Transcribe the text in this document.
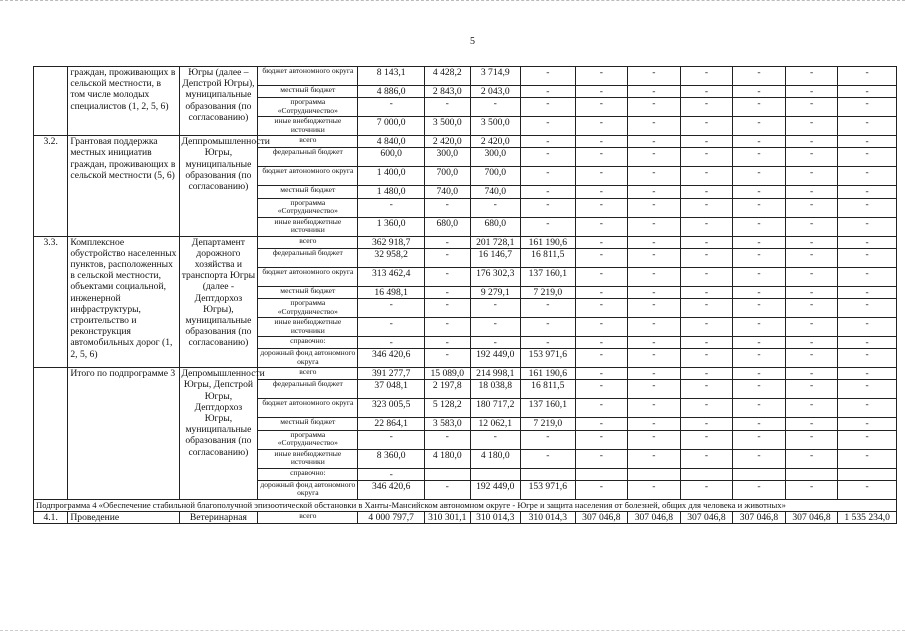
5
	граждан, проживающих в сельской местности, в том числе молодых специалистов (1, 2, 5, 6)	Югры (далее – Депстрой Югры), муниципальные образования (по согласованию)	бюджет автономного округа	8 143,1	4 428,2	3 714,9	-	-	-	-	-	-	-
			местный бюджет	4 886,0	2 843,0	2 043,0	-	-	-	-	-	-	-
			программа «Сотрудничество»	-	-	-	-	-	-	-	-	-	-
			иные внебюджетные источники	7 000,0	3 500,0	3 500,0	-	-	-	-	-	-	-
3.2.	Грантовая поддержка местных инициатив граждан, проживающих в сельской местности (5, 6)	Деппромышленности Югры, муниципальные образования (по согласованию)	всего	4 840,0	2 420,0	2 420,0	-	-	-	-	-	-	-
			федеральный бюджет	600,0	300,0	300,0	-	-	-	-	-	-	-
			бюджет автономного округа	1 400,0	700,0	700,0	-	-	-	-	-	-	-
			местный бюджет	1 480,0	740,0	740,0	-	-	-	-	-	-	-
			программа «Сотрудничество»	-	-	-	-	-	-	-	-	-	-
			иные внебюджетные источники	1 360,0	680,0	680,0	-	-	-	-	-	-	-
3.3.	Комплексное обустройство населенных пунктов, расположенных в сельской местности, объектами социальной, инженерной инфраструктуры, строительство и реконструкция автомобильных дорог (1, 2, 5, 6)	Департамент дорожного хозяйства и транспорта Югры (далее - Дептдорхоз Югры), муниципальные образования (по согласованию)	всего	362 918,7	-	201 728,1	161 190,6	-	-	-	-	-	-
			федеральный бюджет	32 958,2	-	16 146,7	16 811,5	-	-	-	-	-	-
			бюджет автономного округа	313 462,4	-	176 302,3	137 160,1	-	-	-	-	-	-
			местный бюджет	16 498,1	-	9 279,1	7 219,0	-	-	-	-	-	-
			программа «Сотрудничество»	-	-	-	-	-	-	-	-	-	-
			иные внебюджетные источники	-	-	-	-	-	-	-	-	-	-
			справочно:	-	-	-	-	-	-	-	-	-	-
			дорожный фонд автономного округа	346 420,6	-	192 449,0	153 971,6	-	-	-	-	-	-
	Итого по подпрограмме 3	Депромышленности Югры, Депстрой Югры, Дептдорхоз Югры, муниципальные образования (по согласованию)	всего	391 277,7	15 089,0	214 998,1	161 190,6	-	-	-	-	-	-
			федеральный бюджет	37 048,1	2 197,8	18 038,8	16 811,5	-	-	-	-	-	-
			бюджет автономного округа	323 005,5	5 128,2	180 717,2	137 160,1	-	-	-	-	-	-
			местный бюджет	22 864,1	3 583,0	12 062,1	7 219,0	-	-	-	-	-	-
			программа «Сотрудничество»	-	-	-	-	-	-	-	-	-	-
			иные внебюджетные источники	8 360,0	4 180,0	4 180,0	-	-	-	-	-	-	-
			справочно:	-									
			дорожный фонд автономного округа	346 420,6	-	192 449,0	153 971,6	-	-	-	-	-	-
Подпрограмма 4 «Обеспечение стабильной благополучной эпизоотической обстановки в Ханты-Мансийском автономном округе - Югре и защита населения от болезней, общих для человека и животных»													
4.1.	Проведение	Ветеринарная	всего	4 000 797,7	310 301,1	310 014,3	310 014,3	307 046,8	307 046,8	307 046,8	307 046,8	307 046,8	1 535 234,0
